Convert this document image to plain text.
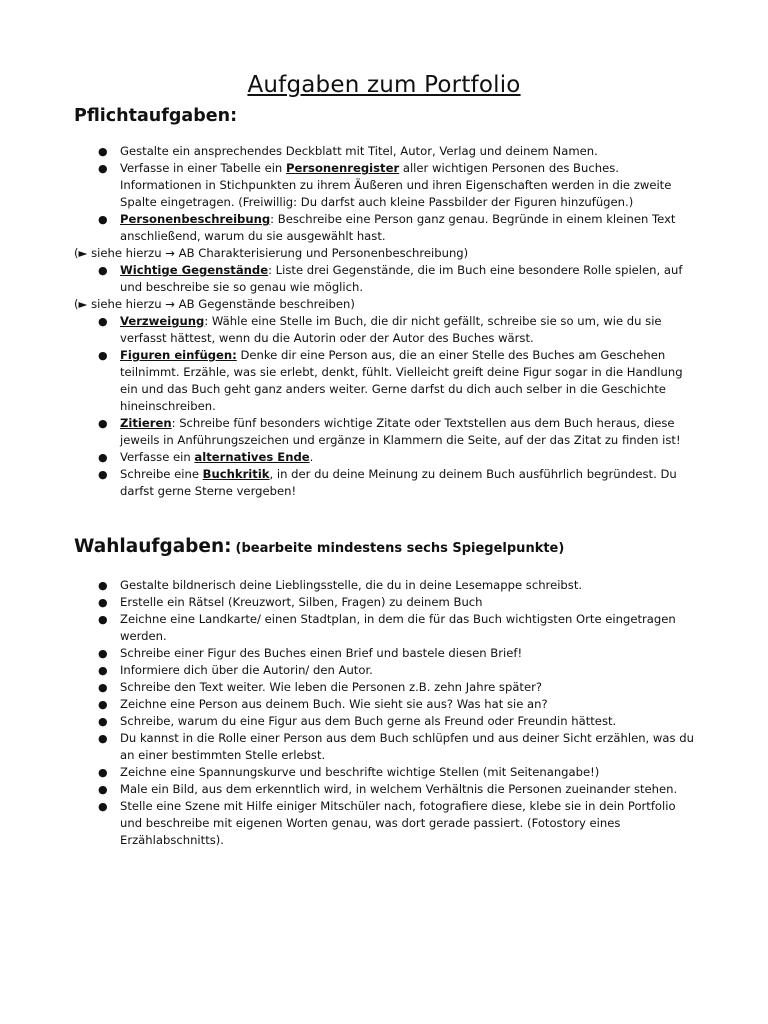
Aufgaben zum Portfolio
Pflichtaufgaben:
● Gestalte ein ansprechendes Deckblatt mit Titel, Autor, Verlag und deinem Namen.
● Verfasse in einer Tabelle ein Personenregister aller wichtigen Personen des Buches. Informationen in Stichpunkten zu ihrem Äußeren und ihren Eigenschaften werden in die zweite Spalte eingetragen. (Freiwillig: Du darfst auch kleine Passbilder der Figuren hinzufügen.)
● Personenbeschreibung: Beschreibe eine Person ganz genau. Begründe in einem kleinen Text anschließend, warum du sie ausgewählt hast.
(► siehe hierzu → AB Charakterisierung und Personenbeschreibung)
● Wichtige Gegenstände: Liste drei Gegenstände, die im Buch eine besondere Rolle spielen, auf und beschreibe sie so genau wie möglich.
(► siehe hierzu → AB Gegenstände beschreiben)
● Verzweigung: Wähle eine Stelle im Buch, die dir nicht gefällt, schreibe sie so um, wie du sie verfasst hättest, wenn du die Autorin oder der Autor des Buches wärst.
● Figuren einfügen: Denke dir eine Person aus, die an einer Stelle des Buches am Geschehen teilnimmt. Erzähle, was sie erlebt, denkt, fühlt. Vielleicht greift deine Figur sogar in die Handlung ein und das Buch geht ganz anders weiter. Gerne darfst du dich auch selber in die Geschichte hineinschreiben.
● Zitieren: Schreibe fünf besonders wichtige Zitate oder Textstellen aus dem Buch heraus, diese jeweils in Anführungszeichen und ergänze in Klammern die Seite, auf der das Zitat zu finden ist!
● Verfasse ein alternatives Ende.
● Schreibe eine Buchkritik, in der du deine Meinung zu deinem Buch ausführlich begründest. Du darfst gerne Sterne vergeben!
Wahlaufgaben: (bearbeite mindestens sechs Spiegelpunkte)
● Gestalte bildnerisch deine Lieblingsstelle, die du in deine Lesemappe schreibst.
● Erstelle ein Rätsel (Kreuzwort, Silben, Fragen) zu deinem Buch
● Zeichne eine Landkarte/ einen Stadtplan, in dem die für das Buch wichtigsten Orte eingetragen werden.
● Schreibe einer Figur des Buches einen Brief und bastele diesen Brief!
● Informiere dich über die Autorin/ den Autor.
● Schreibe den Text weiter. Wie leben die Personen z.B. zehn Jahre später?
● Zeichne eine Person aus deinem Buch. Wie sieht sie aus? Was hat sie an?
● Schreibe, warum du eine Figur aus dem Buch gerne als Freund oder Freundin hättest.
● Du kannst in die Rolle einer Person aus dem Buch schlüpfen und aus deiner Sicht erzählen, was du an einer bestimmten Stelle erlebst.
● Zeichne eine Spannungskurve und beschrifte wichtige Stellen (mit Seitenangabe!)
● Male ein Bild, aus dem erkenntlich wird, in welchem Verhältnis die Personen zueinander stehen.
● Stelle eine Szene mit Hilfe einiger Mitschüler nach, fotografiere diese, klebe sie in dein Portfolio und beschreibe mit eigenen Worten genau, was dort gerade passiert. (Fotostory eines Erzählabschnitts).
